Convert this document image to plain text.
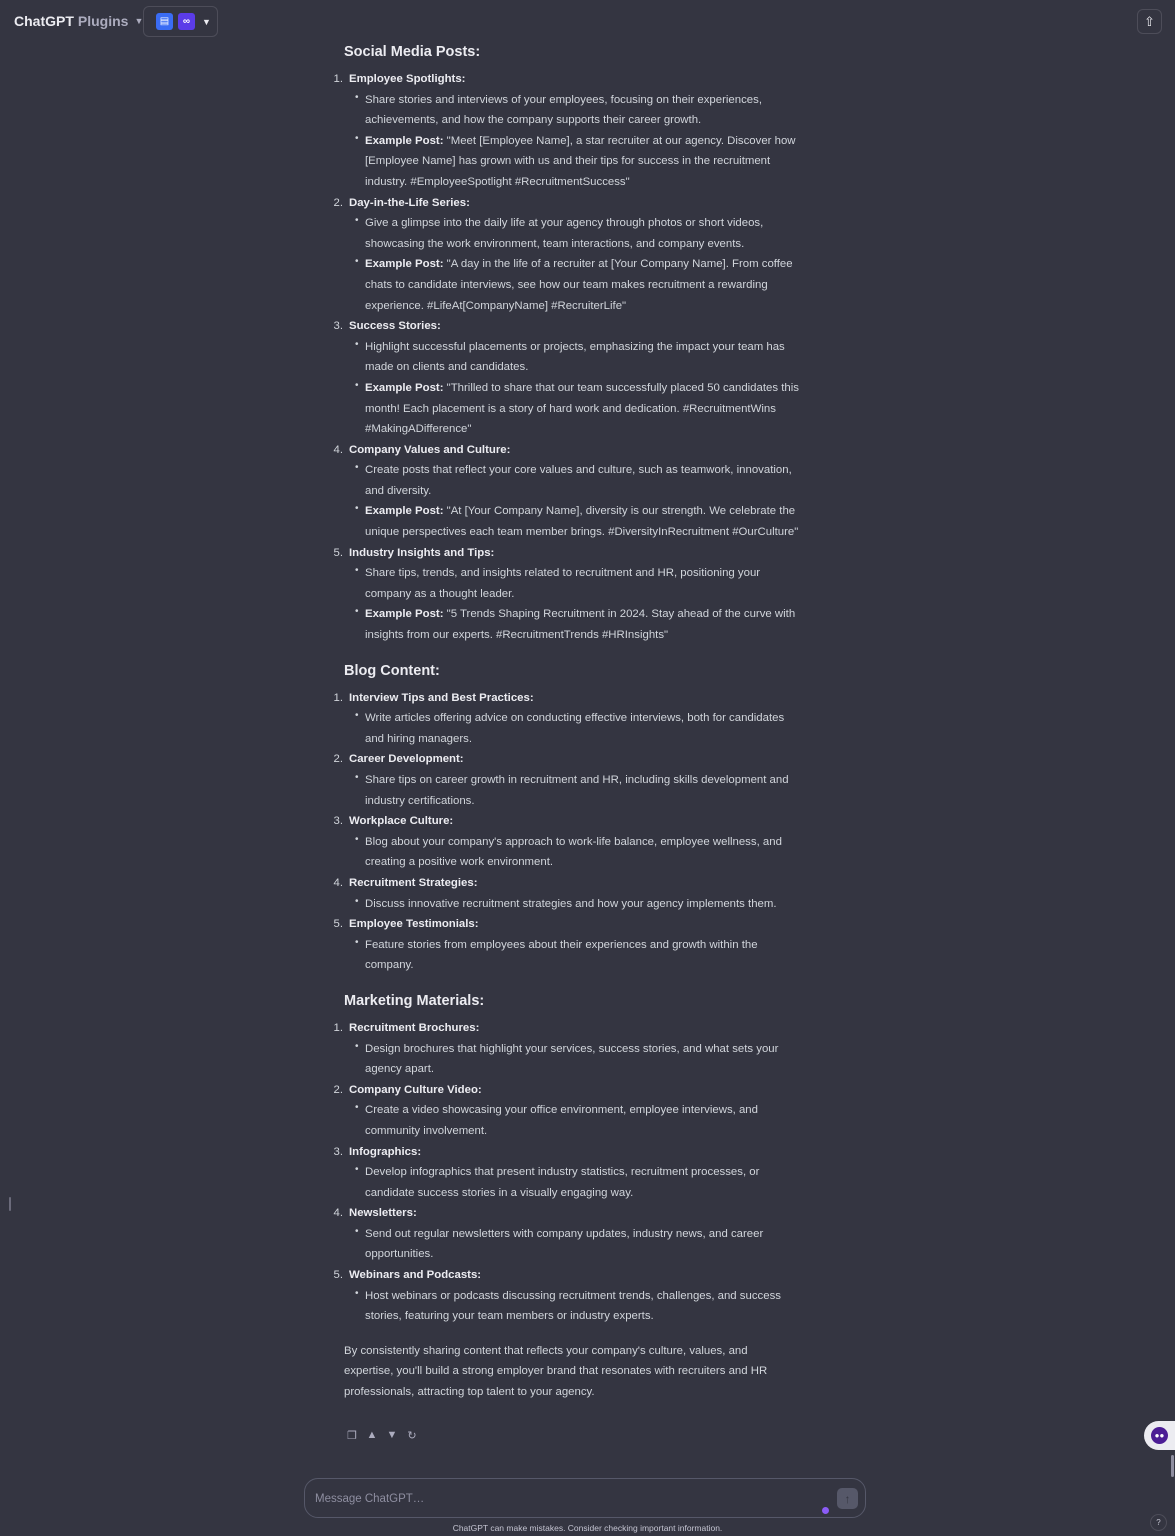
ChatGPT Plugins ▼	▤	∞	▼	⇧
Social Media Posts:
1. Employee Spotlights:
• Share stories and interviews of your employees, focusing on their experiences, achievements, and how the company supports their career growth.
• Example Post: "Meet [Employee Name], a star recruiter at our agency. Discover how [Employee Name] has grown with us and their tips for success in the recruitment industry. #EmployeeSpotlight #RecruitmentSuccess"
2. Day-in-the-Life Series:
• Give a glimpse into the daily life at your agency through photos or short videos, showcasing the work environment, team interactions, and company events.
• Example Post: "A day in the life of a recruiter at [Your Company Name]. From coffee chats to candidate interviews, see how our team makes recruitment a rewarding experience. #LifeAt[CompanyName] #RecruiterLife"
3. Success Stories:
• Highlight successful placements or projects, emphasizing the impact your team has made on clients and candidates.
• Example Post: "Thrilled to share that our team successfully placed 50 candidates this month! Each placement is a story of hard work and dedication. #RecruitmentWins #MakingADifference"
4. Company Values and Culture:
• Create posts that reflect your core values and culture, such as teamwork, innovation, and diversity.
• Example Post: "At [Your Company Name], diversity is our strength. We celebrate the unique perspectives each team member brings. #DiversityInRecruitment #OurCulture"
5. Industry Insights and Tips:
• Share tips, trends, and insights related to recruitment and HR, positioning your company as a thought leader.
• Example Post: "5 Trends Shaping Recruitment in 2024. Stay ahead of the curve with insights from our experts. #RecruitmentTrends #HRInsights"
Blog Content:
1. Interview Tips and Best Practices:
• Write articles offering advice on conducting effective interviews, both for candidates and hiring managers.
2. Career Development:
• Share tips on career growth in recruitment and HR, including skills development and industry certifications.
3. Workplace Culture:
• Blog about your company's approach to work-life balance, employee wellness, and creating a positive work environment.
4. Recruitment Strategies:
• Discuss innovative recruitment strategies and how your agency implements them.
5. Employee Testimonials:
• Feature stories from employees about their experiences and growth within the company.
Marketing Materials:
1. Recruitment Brochures:
• Design brochures that highlight your services, success stories, and what sets your agency apart.
2. Company Culture Video:
• Create a video showcasing your office environment, employee interviews, and community involvement.
3. Infographics:
• Develop infographics that present industry statistics, recruitment processes, or candidate success stories in a visually engaging way.
4. Newsletters:
• Send out regular newsletters with company updates, industry news, and career opportunities.
5. Webinars and Podcasts:
• Host webinars or podcasts discussing recruitment trends, challenges, and success stories, featuring your team members or industry experts.

By consistently sharing content that reflects your company's culture, values, and expertise, you'll build a strong employer brand that resonates with recruiters and HR professionals, attracting top talent to your agency.

❐ ▲ ▼ ↻	●●
Message ChatGPT…
↑
ChatGPT can make mistakes. Consider checking important information.
?
